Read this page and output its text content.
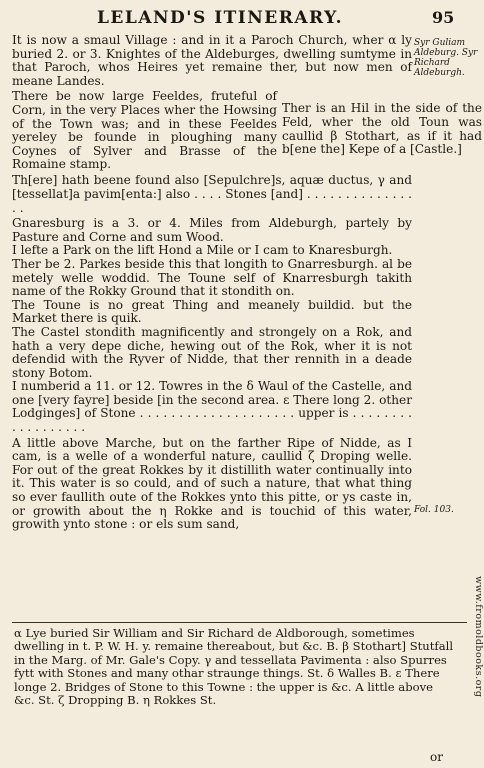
LELAND'S ITINERARY.	95
Syr Guliam Aldeburg. Syr Richard Aldeburgh.
Fol. 103.

It is now a smaul Village : and in it a Paroch Church, wher α ly buried 2. or 3. Knightes of the Aldeburges, dwelling sumtyme in that Paroch, whos Heires yet remaine ther, but now men of meane Landes.

There be now large Feeldes, fruteful of Corn, in the very Places wher the Howsing of the Town was; and in these Feeldes yereley be founde in ploughing many Coynes of Sylver and Brasse of the Romaine stamp.

Ther is an Hil in the side of the Feld, wher the old Toun was caullid β Stothart, as if it had b[ene the] Kepe of a [Castle.]

Th[ere] hath beene found also [Sepulchre]s, aquæ ductus, γ and [tessellat]a pavim[enta:] also . . . . Stones [and] . . . . . . . . . . . . . . . .

Gnaresburg is a 3. or 4. Miles from Aldeburgh, partely by Pasture and Corne and sum Wood.

I lefte a Park on the lift Hond a Mile or I cam to Knaresburgh.

Ther be 2. Parkes beside this that longith to Gnarresburgh. al be metely welle woddid. The Toune self of Knarresburgh takith name of the Rokky Ground that it stondith on.

The Toune is no great Thing and meanely buildid. but the Market there is quik.

The Castel stondith magnificently and strongely on a Rok, and hath a very depe diche, hewing out of the Rok, wher it is not defendid with the Ryver of Nidde, that ther rennith in a deade stony Botom.

I numberid a 11. or 12. Towres in the δ Waul of the Castelle, and one [very fayre] beside [in the second area. ε There long 2. other Lodginges] of Stone . . . . . . . . . . . . . . . . . . . . upper is . . . . . . . . . . . . . . . . . .

A little above Marche, but on the farther Ripe of Nidde, as I cam, is a welle of a wonderful nature, caullid ζ Droping welle. For out of the great Rokkes by it distillith water continually into it. This water is so could, and of such a nature, that what thing so ever faullith oute of the Rokkes ynto this pitte, or ys caste in, or growith about the η Rokke and is touchid of this water, growith ynto stone : or els sum sand,

α Lye buried Sir William and Sir Richard de Aldborough, sometimes dwelling in t. P. W. H. y. remaine thereabout, but &c. B. β Stothart] Stutfall in the Marg. of Mr. Gale's Copy. γ and tessellata Pavimenta : also Spurres fytt with Stones and many othar straunge things. St. δ Walles B. ε There longe 2. Bridges of Stone to this Towne : the upper is &c. A little above &c. St. ζ Dropping B. η Rokkes St.

or
www.fromoldbooks.org
